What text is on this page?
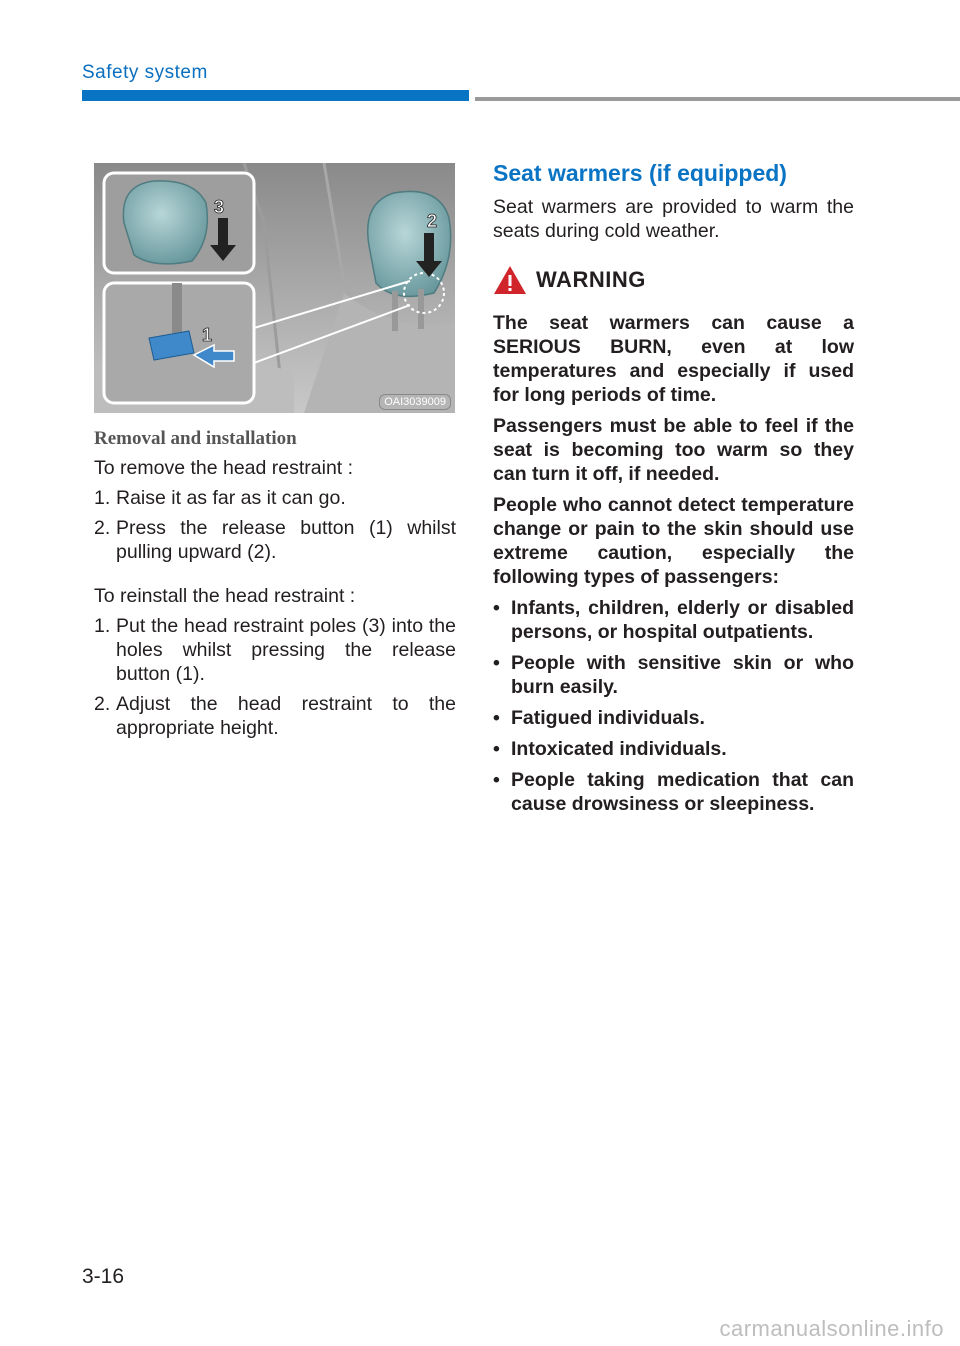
Safety system
2
3
1
OAI3039009
Removal and installation

To remove the head restraint :

1. Raise it as far as it can go.
2. Press the release button (1) whilst pulling upward (2).

To reinstall the head restraint :

1. Put the head restraint poles (3) into the holes whilst pressing the release button (1).
2. Adjust the head restraint to the appropriate height.
Seat warmers (if equipped)

Seat warmers are provided to warm the seats during cold weather.

WARNING

The seat warmers can cause a SERIOUS BURN, even at low temperatures and especially if used for long periods of time.

Passengers must be able to feel if the seat is becoming too warm so they can turn it off, if needed.

People who cannot detect temperature change or pain to the skin should use extreme caution, especially the following types of passengers:

• Infants, children, elderly or disabled persons, or hospital outpatients.
• People with sensitive skin or who burn easily.
• Fatigued individuals.
• Intoxicated individuals.
• People taking medication that can cause drowsiness or sleepiness.
3-16
carmanualsonline.info
